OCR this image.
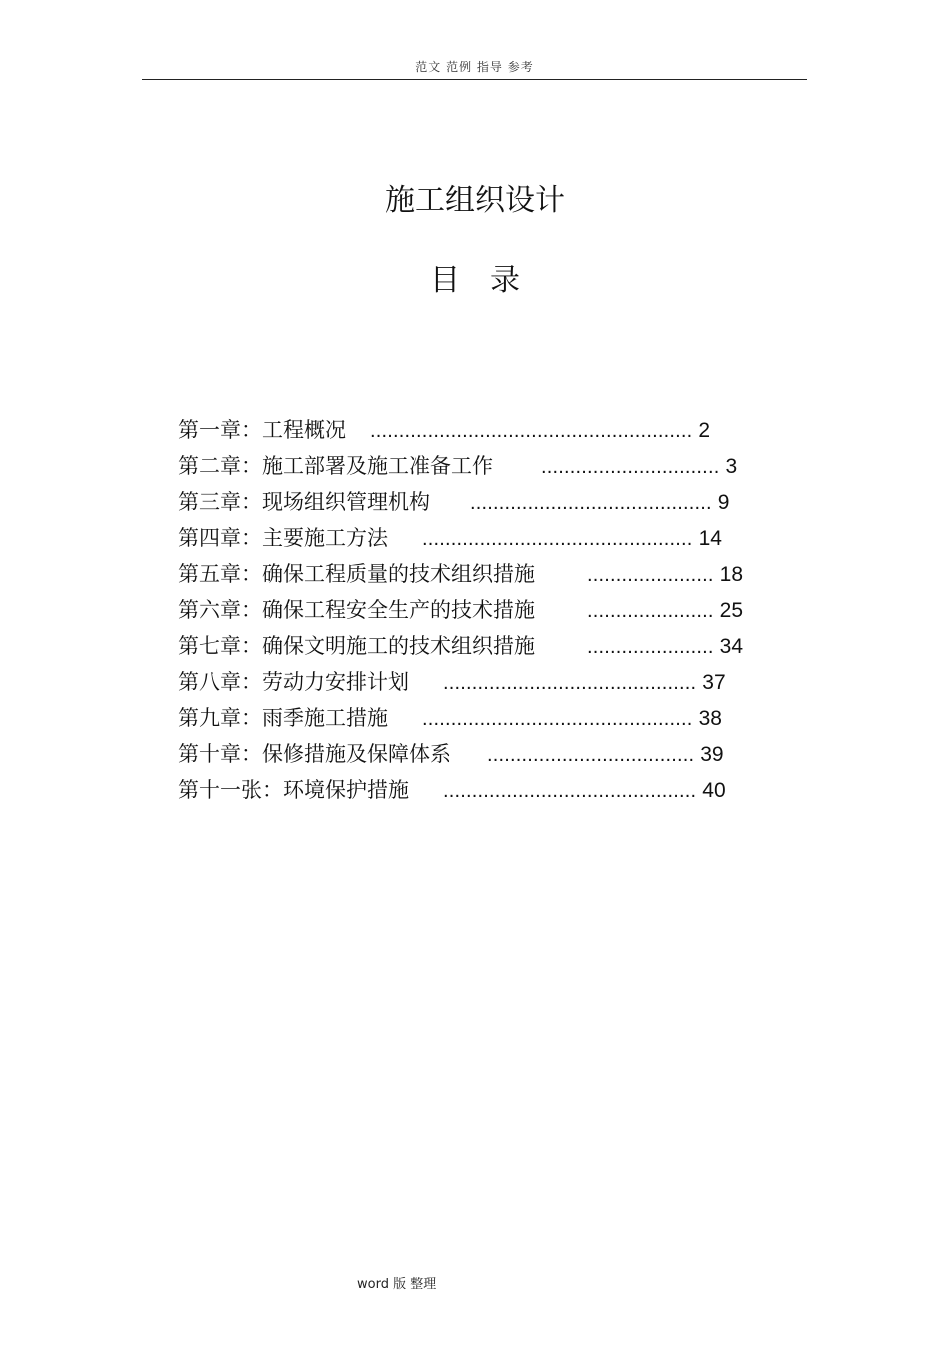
范文 范例 指导 参考
施工组织设计
目录
第一章：工程概况 ........................................................ 2
第二章：施工部署及施工准备工作 ............................... 3
第三章：现场组织管理机构 .......................................... 9
第四章：主要施工方法 ............................................... 14
第五章：确保工程质量的技术组织措施	...................... 18
第六章：确保工程安全生产的技术措施	...................... 25
第七章：确保文明施工的技术组织措施	...................... 34
第八章：劳动力安排计划 ............................................ 37
第九章：雨季施工措施 ............................................... 38
第十章：保修措施及保障体系 .................................... 39
第十一张：环境保护措施 ............................................ 40
word 版 整理
